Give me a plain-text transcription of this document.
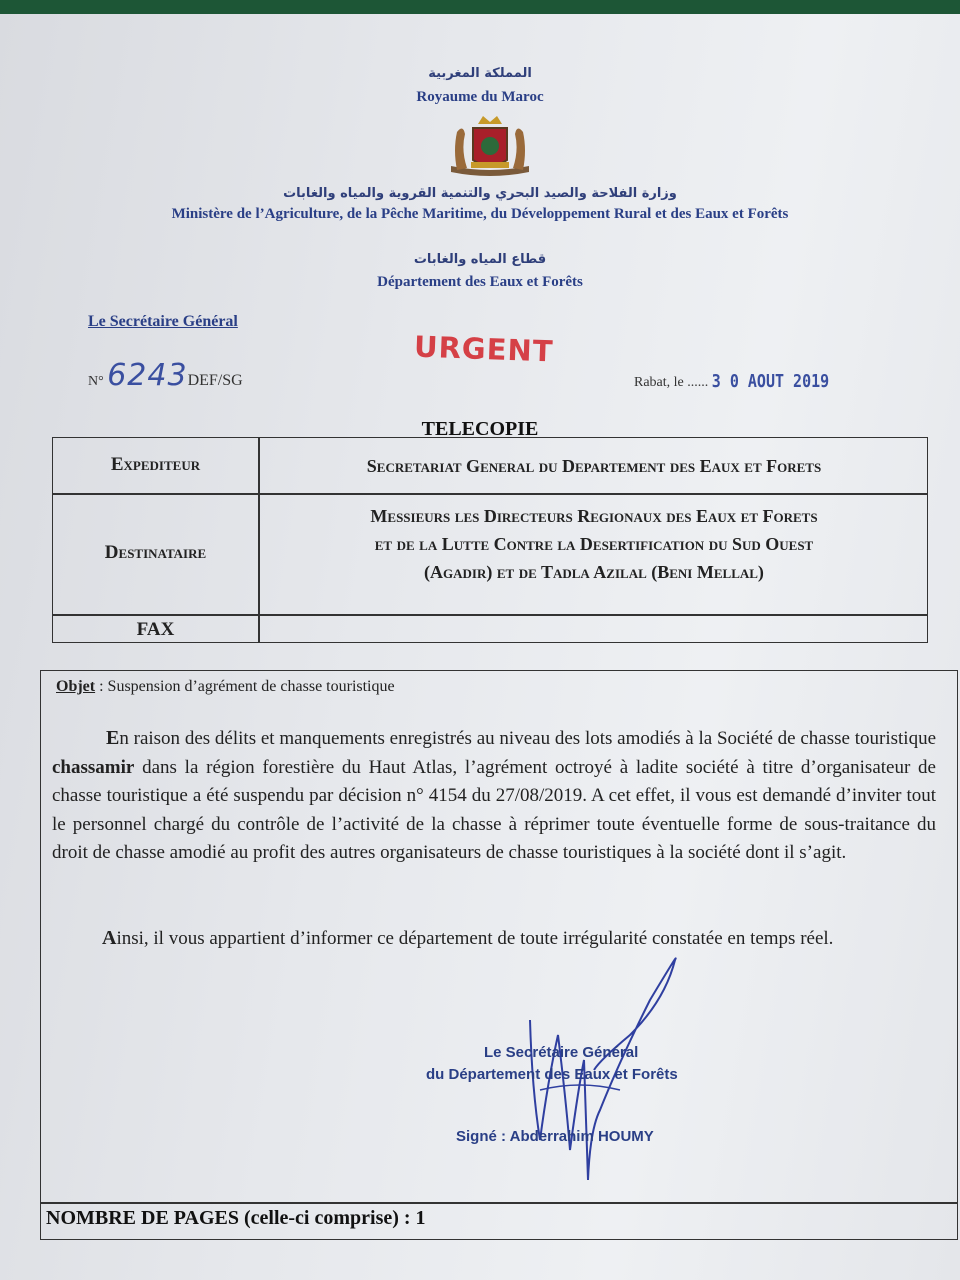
المملكة المغربية
Royaume du Maroc
وزارة الفلاحة والصيد البحري والتنمية القروية والمياه والغابات
Ministère de l’Agriculture, de la Pêche Maritime, du Développement Rural et des Eaux et Forêts
قطاع المياه والغابات
Département des Eaux et Forêts
Le Secrétaire Général
URGENT
N° 6243DEF/SG	Rabat, le ...... 3 0 AOUT 2019
TELECOPIE
Expediteur	Secretariat General du Departement des Eaux et Forets
Destinataire
Messieurs les Directeurs Regionaux des Eaux et Forets
et de la Lutte Contre la Desertification du Sud Ouest
(Agadir) et de Tadla Azilal (Beni Mellal)
FAX
Objet : Suspension d’agrément de chasse touristique
En raison des délits et manquements enregistrés au niveau des lots amodiés à la Société de chasse touristique chassamir dans la région forestière du Haut Atlas, l’agrément octroyé à ladite société à titre d’organisateur de chasse touristique a été suspendu par décision n° 4154 du 27/08/2019. A cet effet, il vous est demandé d’inviter tout le personnel chargé du contrôle de l’activité de la chasse à réprimer toute éventuelle forme de sous-traitance du droit de chasse amodié au profit des autres organisateurs de chasse touristiques à la société dont il s’agit.
Ainsi, il vous appartient d’informer ce département de toute irrégularité constatée en temps réel.
Le Secrétaire Général
du Département des Eaux et Forêts
Signé : Abderrahim HOUMY
NOMBRE DE PAGES (celle-ci comprise) : 1
